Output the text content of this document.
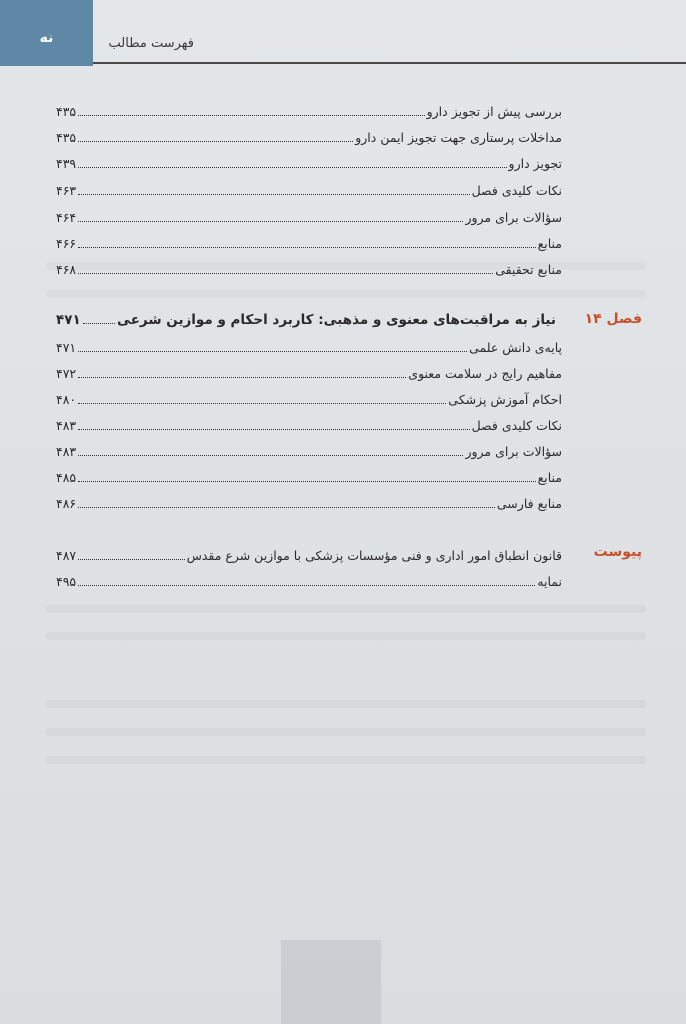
نه	فهرست مطالب
بررسی پیش از تجویز دارو
۴۳۵
مداخلات پرستاری جهت تجویز ایمن دارو
۴۳۵
تجویز دارو
۴۳۹
نکات کلیدی فصل
۴۶۳
سؤالات برای مرور
۴۶۴
منابع
۴۶۶
منابع تحقیقی
۴۶۸
فصل ۱۴
نیاز به مراقبت‌های معنوی و مذهبی: کاربرد احکام و موازین شرعی
۴۷۱
پایه‌ی دانش علمی
۴۷۱
مفاهیم رایج در سلامت معنوی
۴۷۲
احکام آموزش پزشکی
۴۸۰
نکات کلیدی فصل
۴۸۳
سؤالات برای مرور
۴۸۳
منابع
۴۸۵
منابع فارسی
۴۸۶
پیوست
قانون انطباق امور اداری و فنی مؤسسات پزشکی با موازین شرع مقدس
۴۸۷
نمایه
۴۹۵
